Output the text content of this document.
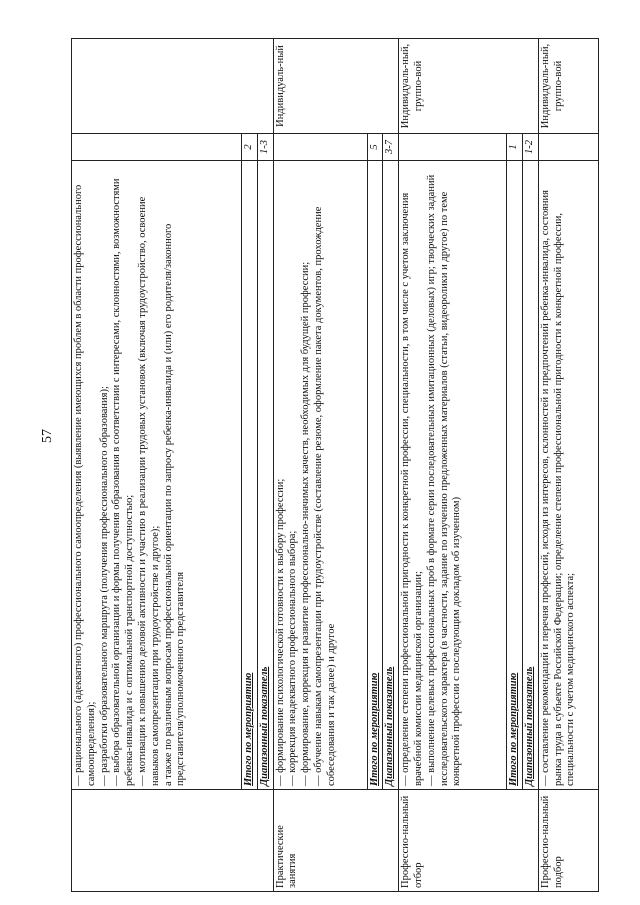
57

	— рационального (адекватного) профессионального самоопределения (выявление имеющихся проблем в области профессионального самоопределения); — разработки образовательного маршрута (получения профессионального образования); — выбора образовательной организации и формы получения образования в соответствии с интересами, склонностями, возможностями ребенка-инвалида и с оптимальной транспортной доступностью; — мотивации к повышению деловой активности и участию в реализации трудовых установок (включая трудоустройство, освоение навыков самопрезентации при трудоустройстве и другое); а также по различным вопросам профессиональной ориентации по запросу ребенка-инвалида и (или) его родителя/законного представителя/уполномоченного представителя		

	Итого по мероприятию	2	
	Диапазонный показатель	1-3	
Практические занятия	— формирование психологической готовности к выбору профессии; — коррекция неадекватного профессионального выбора; — формирование, коррекция и развитие профессионально-значимых качеств, необходимых для будущей профессии; — обучение навыкам самопрезентации при трудоустройстве (составление резюме, оформление пакета документов, прохождение собеседования и так далее) и другое		Индивидуаль-ный
	Итого по мероприятию	5	
	Диапазонный показатель	3-7	
Профессио-нальный отбор	— определение степени профессиональной пригодности к конкретной профессии, специальности, в том числе с учетом заключения врачебной комиссии медицинской организации; — выполнение целевых профессиональных проб в формате серии последовательных имитационных (деловых) игр; творческих заданий исследовательского характера (в частности, задание по изучению предложенных материалов (статьи, видеоролики и другое) по теме конкретной профессии с последующим докладом об изученном)		Индивидуаль-ный, группо-вой
	Итого по мероприятию	1	
	Диапазонный показатель	1-2	
Профессио-нальный подбор	— составление рекомендаций и перечня профессий, исходя из интересов, склонностей и предпочтений ребенка-инвалида, состояния рынка труда в субъекте Российской Федерации; определение степени профессиональной пригодности к конкретной профессии, специальности с учетом медицинского аспекта;		Индивидуаль-ный, группо-вой
